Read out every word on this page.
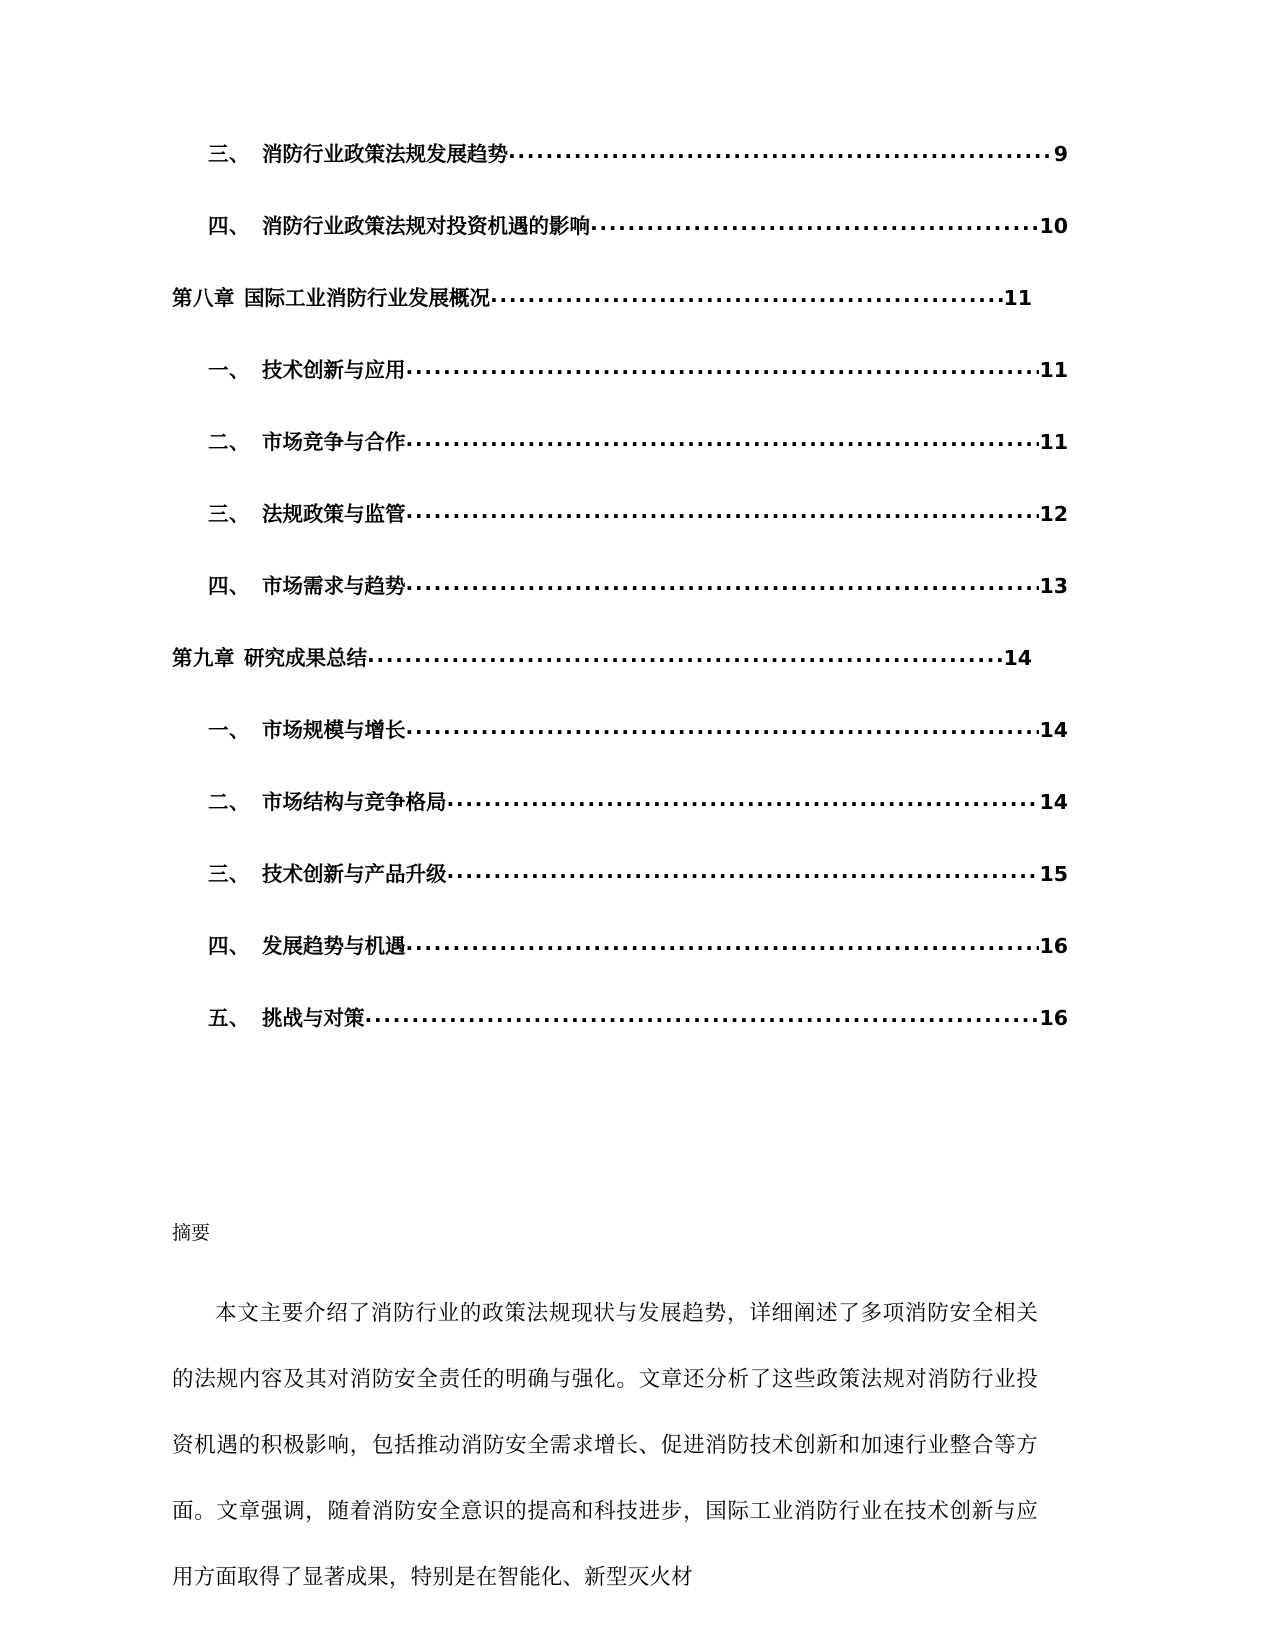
三、 消防行业政策法规发展趋势 .....	9
四、 消防行业政策法规对投资机遇的影响 .....	10
第八章 国际工业消防行业发展概况 .....	11
一、 技术创新与应用 .....	11
二、 市场竞争与合作 .....	11
三、 法规政策与监管 .....	12
四、 市场需求与趋势 .....	13
第九章 研究成果总结 .....	14
一、 市场规模与增长 .....	14
二、 市场结构与竞争格局 .....	14
三、 技术创新与产品升级 .....	15
四、 发展趋势与机遇 .....	16
五、 挑战与对策 .....	16
摘要
本文主要介绍了消防行业的政策法规现状与发展趋势，详细阐述了多项消防安全相关的法规内容及其对消防安全责任的明确与强化。文章还分析了这些政策法规对消防行业投资机遇的积极影响，包括推动消防安全需求增长、促进消防技术创新和加速行业整合等方面。文章强调，随着消防安全意识的提高和科技进步，国际工业消防行业在技术创新与应用方面取得了显著成果，特别是在智能化、新型灭火材
